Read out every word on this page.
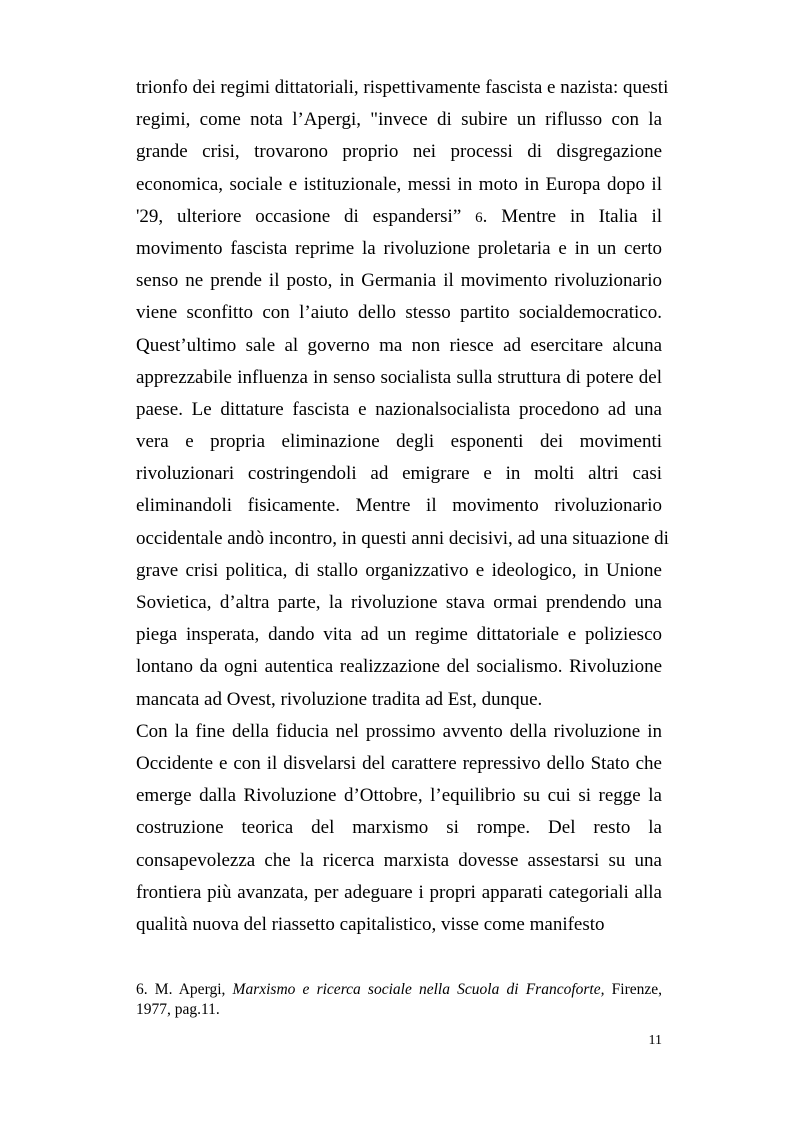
trionfo dei regimi dittatoriali, rispettivamente fascista e nazista: questi
regimi, come nota l’Apergi, "invece di subire un riflusso con la
grande crisi, trovarono proprio nei processi di disgregazione
economica, sociale e istituzionale, messi in moto in Europa dopo il
'29, ulteriore occasione di espandersi” 6. Mentre in Italia il
movimento fascista reprime la rivoluzione proletaria e in un certo
senso ne prende il posto, in Germania il movimento rivoluzionario
viene sconfitto con l’aiuto dello stesso partito socialdemocratico.
Quest’ultimo sale al governo ma non riesce ad esercitare alcuna
apprezzabile influenza in senso socialista sulla struttura di potere del
paese. Le dittature fascista e nazionalsocialista procedono ad una
vera e propria eliminazione degli esponenti dei movimenti
rivoluzionari costringendoli ad emigrare e in molti altri casi
eliminandoli fisicamente. Mentre il movimento rivoluzionario
occidentale andò incontro, in questi anni decisivi, ad una situazione di
grave crisi politica, di stallo organizzativo e ideologico, in Unione
Sovietica, d’altra parte, la rivoluzione stava ormai prendendo una
piega insperata, dando vita ad un regime dittatoriale e poliziesco
lontano da ogni autentica realizzazione del socialismo. Rivoluzione
mancata ad Ovest, rivoluzione tradita ad Est, dunque.
Con la fine della fiducia nel prossimo avvento della rivoluzione in
Occidente e con il disvelarsi del carattere repressivo dello Stato che
emerge dalla Rivoluzione d’Ottobre, l’equilibrio su cui si regge la
costruzione teorica del marxismo si rompe. Del resto la
consapevolezza che la ricerca marxista dovesse assestarsi su una
frontiera più avanzata, per adeguare i propri apparati categoriali alla
qualità nuova del riassetto capitalistico, visse come manifesto
6. M. Apergi, Marxismo e ricerca sociale nella Scuola di Francoforte, Firenze,
1977, pag.11.
11
